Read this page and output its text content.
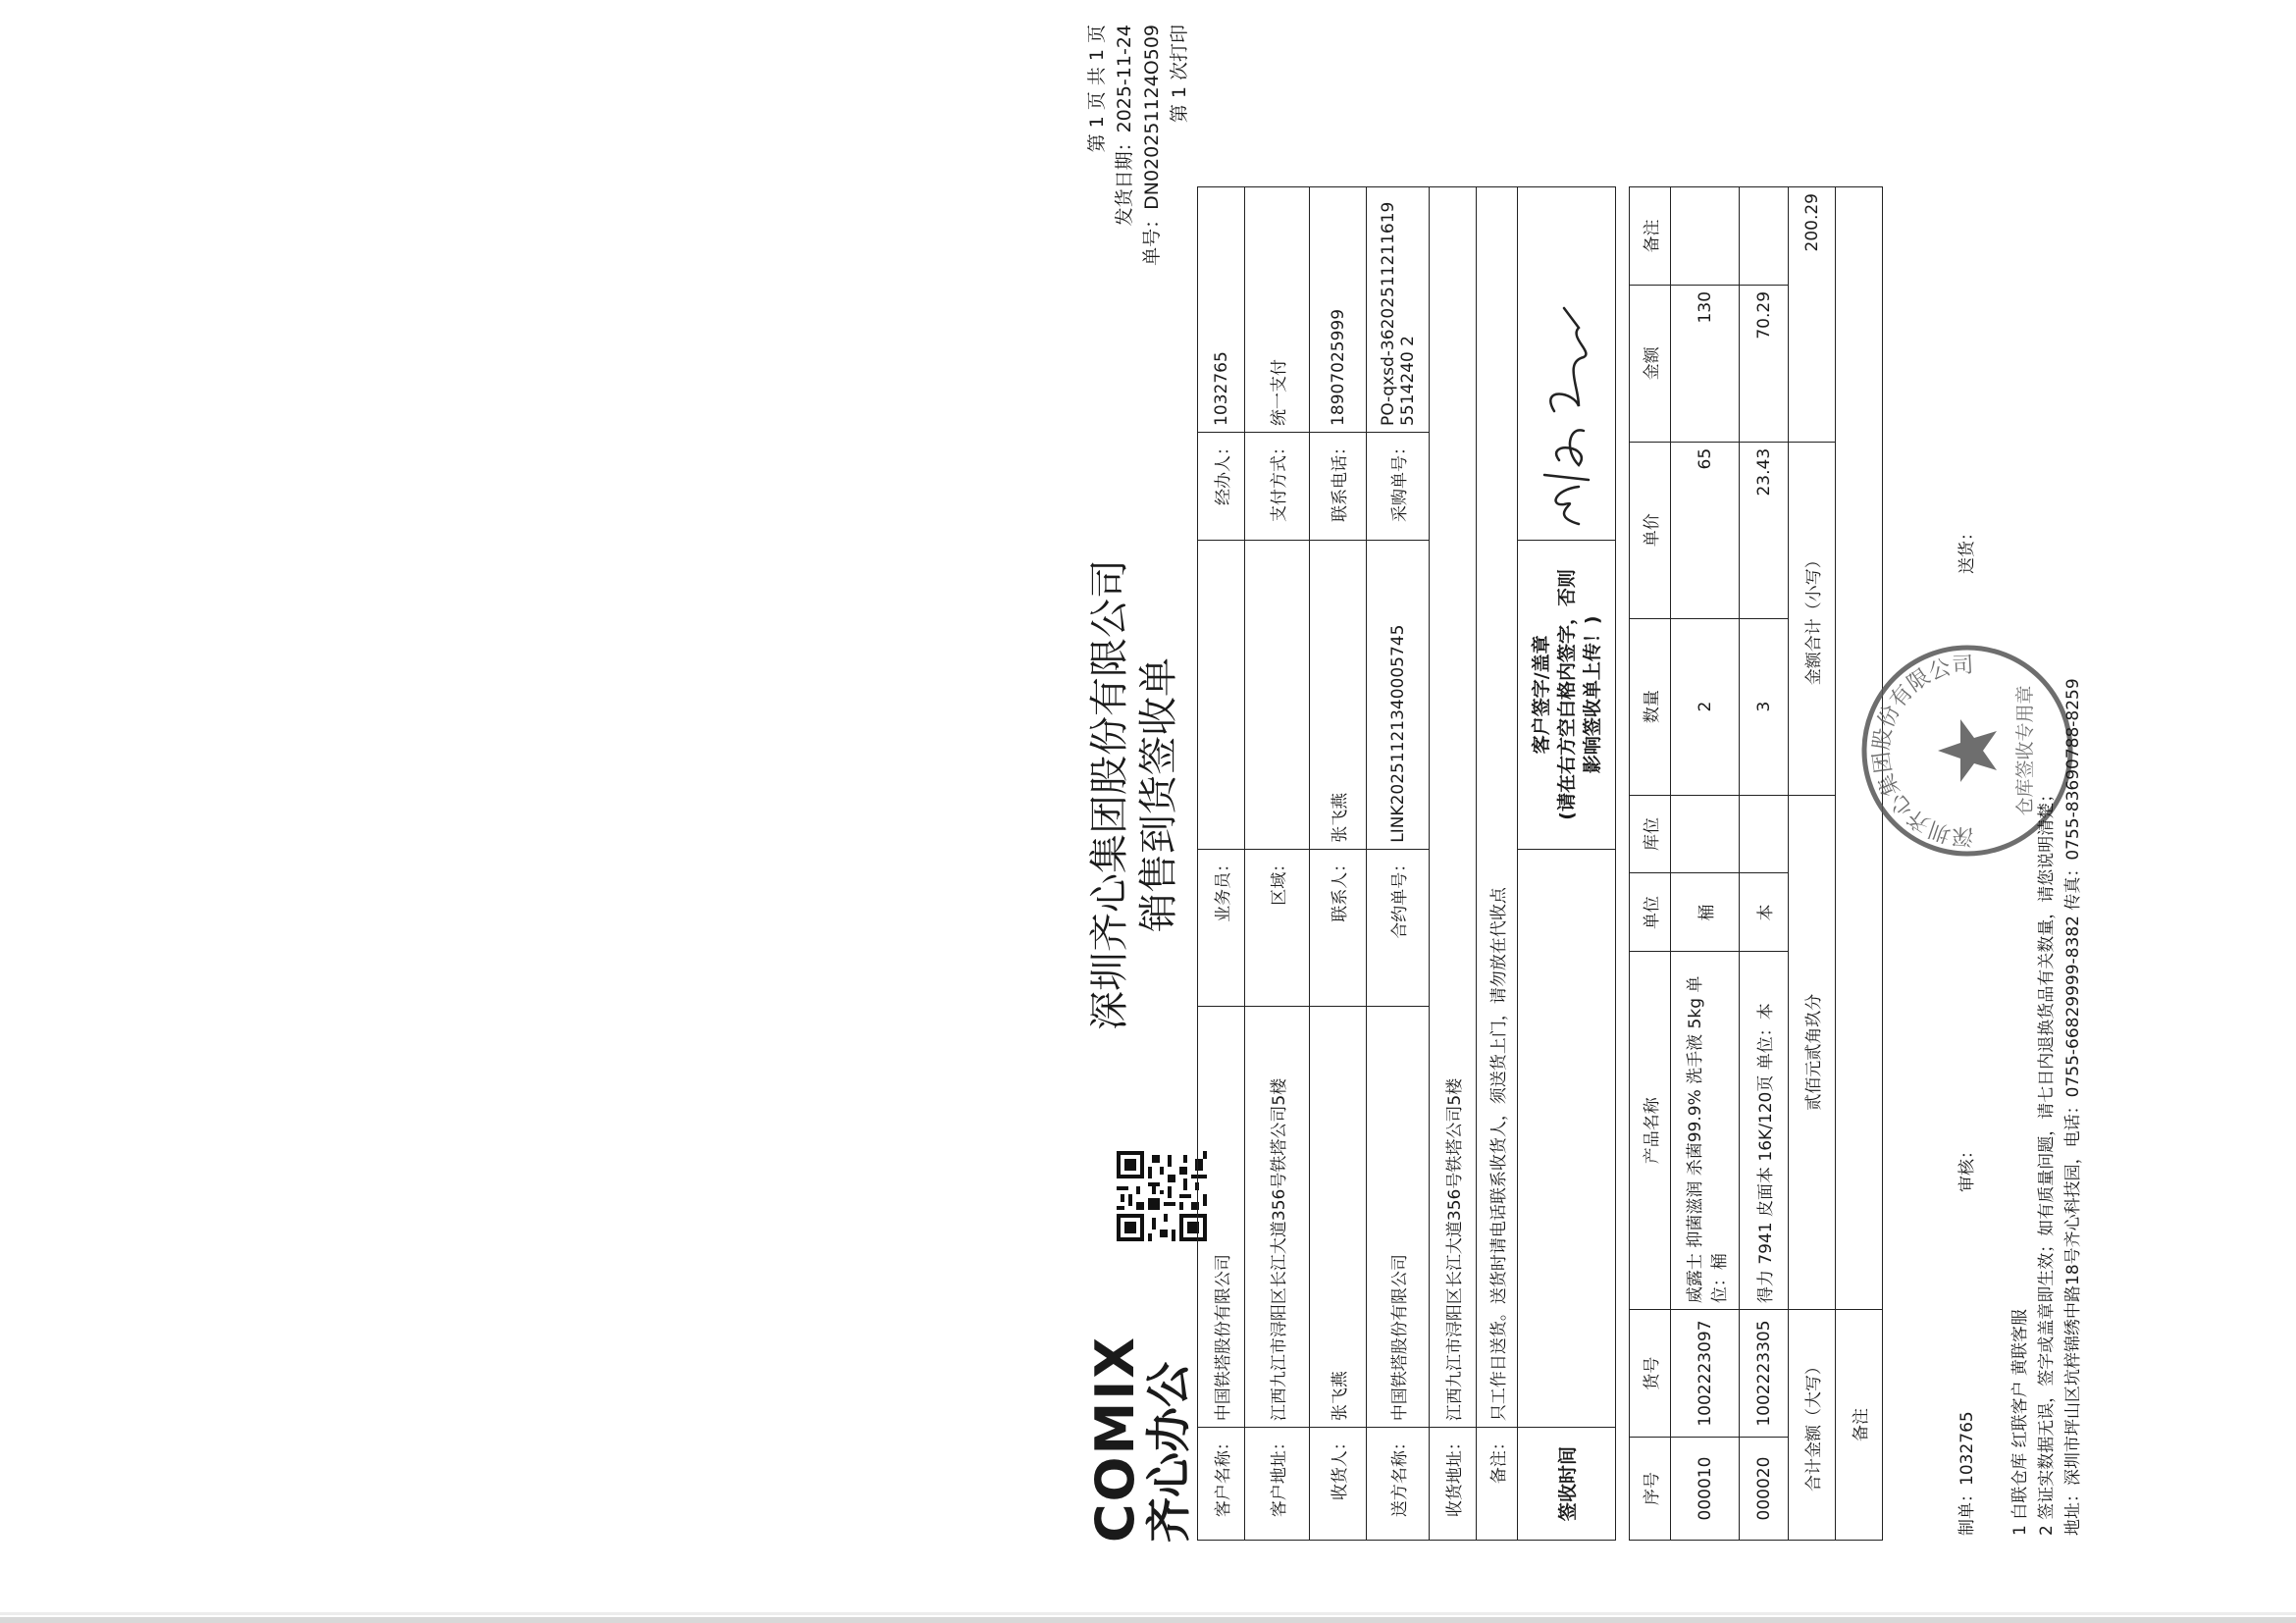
COMIX
齐心办公
深圳齐心集团股份有限公司 销售到货签收单
第 1 页 共 1 页 发货日期：2025-11-24 单号：DN020251124O509 第 1 次打印
客户名称：	中国铁塔股份有限公司	业务员：		经办人：	1032765
客户地址：	江西九江市浔阳区长江大道356号铁塔公司5楼	区域：		支付方式：	统一支付
收货人：	张飞燕	联系人：	张飞燕	联系电话：	18907025999
送方名称：	中国铁塔股份有限公司	合约单号：	LINK20251121340005745	采购单号：	PO-qxsd-362025112116195514240 2
收货地址：	江西九江市浔阳区长江大道356号铁塔公司5楼				
备注：	只工作日送货。送货时请电话联系收货人，须送货上门，请勿放在代收点				
签收时间			客户签字/盖章 (请在右方空白格内签字，否则 影响签收单上传！)

序号	货号	产品名称	单位	库位	数量	单价	金额	备注
000010	1002223097	威露士 抑菌滋润 杀菌99.9% 洗手液 5kg 单位：桶	桶		2	65	130	
000020	1002223305	得力 7941 皮面本 16K/120页 单位：本	本		3	23.43	70.29	
合计金额（大写）		贰佰元贰角玖分			金额合计（小写）		200.29	
备注								
深圳齐心集团股份有限公司
仓库签收专用章
制单：1032765
审核：
送货：
1 白联仓库 红联客户 黄联客服 2 签证实数据无误，签字或盖章即生效；如有质量问题，请七日内退换货品有关数量，请您说明清楚； 地址：深圳市坪山区坑梓锦绣中路18号齐心科技园，电话：0755-66829999-8382 传真：0755-83690788-8259
